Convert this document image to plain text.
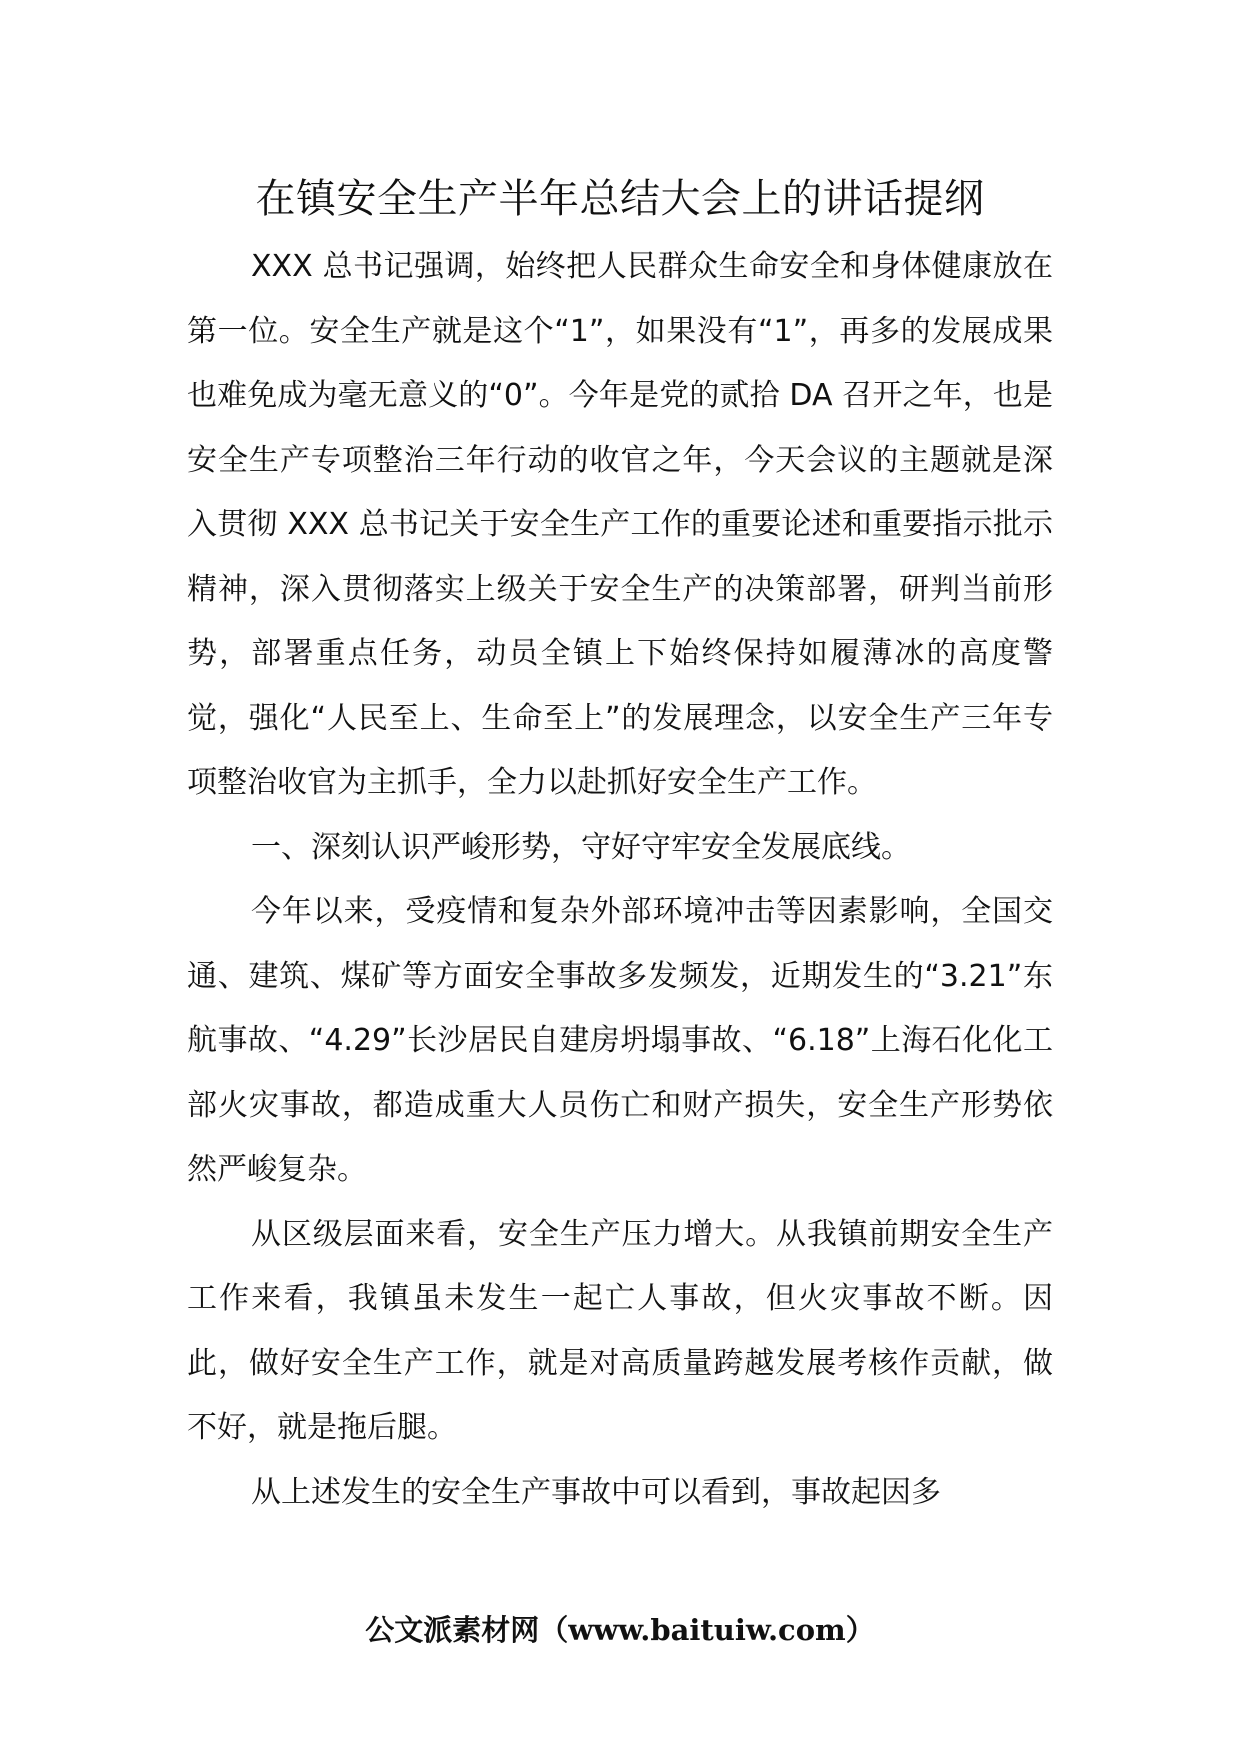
在镇安全生产半年总结大会上的讲话提纲

XXX 总书记强调，始终把人民群众生命安全和身体健康放在第一位。安全生产就是这个“1”，如果没有“1”，再多的发展成果也难免成为毫无意义的“0”。今年是党的贰拾 DA 召开之年，也是安全生产专项整治三年行动的收官之年，今天会议的主题就是深入贯彻 XXX 总书记关于安全生产工作的重要论述和重要指示批示精神，深入贯彻落实上级关于安全生产的决策部署，研判当前形势，部署重点任务，动员全镇上下始终保持如履薄冰的高度警觉，强化“人民至上、生命至上”的发展理念，以安全生产三年专项整治收官为主抓手，全力以赴抓好安全生产工作。

一、深刻认识严峻形势，守好守牢安全发展底线。

今年以来，受疫情和复杂外部环境冲击等因素影响，全国交通、建筑、煤矿等方面安全事故多发频发，近期发生的“3.21”东航事故、“4.29”长沙居民自建房坍塌事故、“6.18”上海石化化工部火灾事故，都造成重大人员伤亡和财产损失，安全生产形势依然严峻复杂。

从区级层面来看，安全生产压力增大。从我镇前期安全生产工作来看，我镇虽未发生一起亡人事故，但火灾事故不断。因此，做好安全生产工作，就是对高质量跨越发展考核作贡献，做不好，就是拖后腿。

从上述发生的安全生产事故中可以看到，事故起因多

公文派素材网（www.baituiw.com）
